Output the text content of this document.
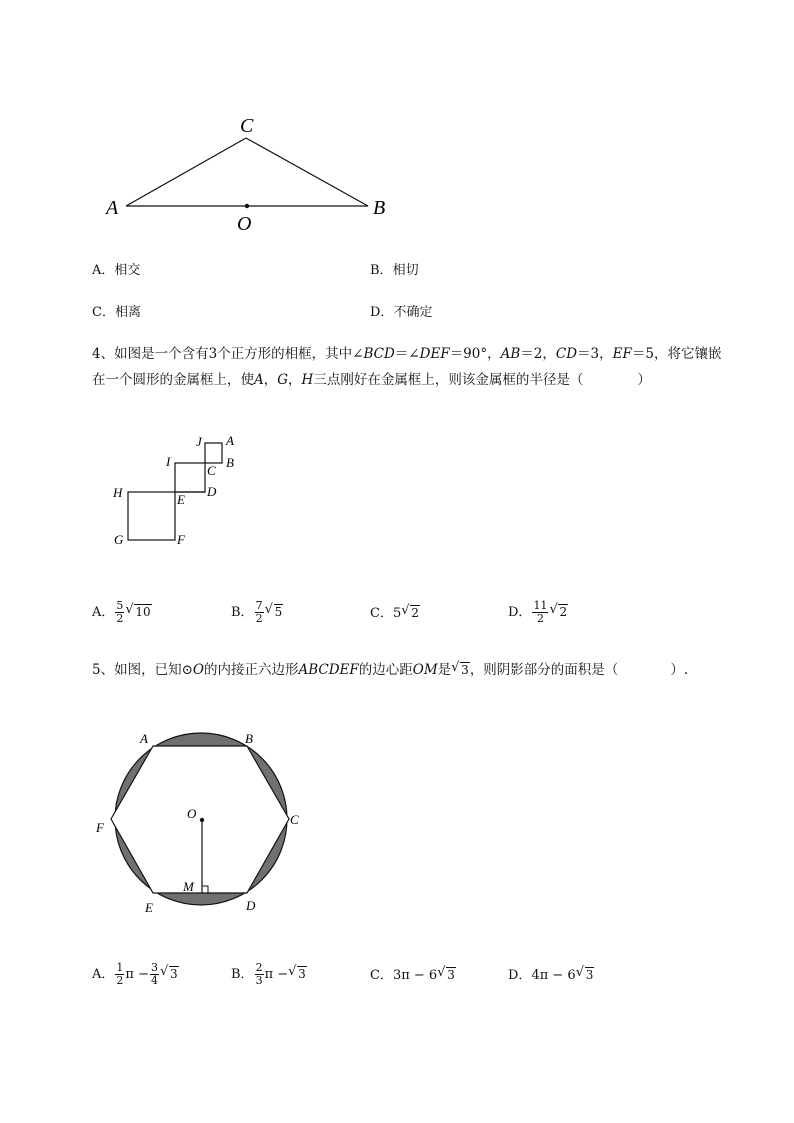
C
A
O
B
A．相交	B．相切
C．相离	D．不确定
4、如图是一个含有3个正方形的相框，其中∠BCD＝∠DEF＝90°，AB＝2，CD＝3，EF＝5，将它镶嵌
在一个圆形的金属框上，使A，G，H三点刚好在金属框上，则该金属框的半径是（	）
J A
I
C
B
H	E
D
G	F
A． $\frac{5}{2}$ √ 10	B． $\frac{7}{2}$ √ 5	C．5 √ 2	D． $\frac{11}{2}$ √ 2
5、如图，已知⊙O的内接正六边形ABCDEF的边心距OM是 √ 3，则阴影部分的面积是（	）.
A	B
C
D
E
F
O
M
A． $\frac{1}{2}$ $\pi - \frac{3}{4}$ √ 3	B． $\frac{2}{3}$ π − √ 3	C．3π − 6 √ 3	D．4π − 6 √ 3
